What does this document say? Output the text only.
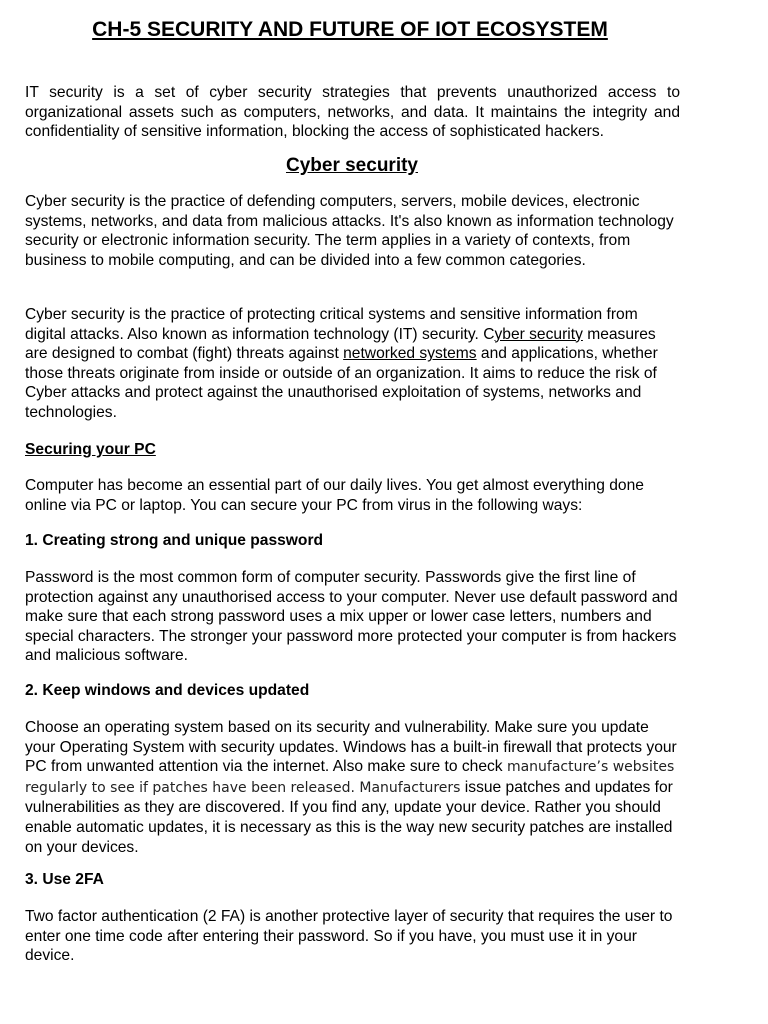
CH-5 SECURITY AND FUTURE OF IOT ECOSYSTEM

IT security is a set of cyber security strategies that prevents unauthorized access to organizational assets such as computers, networks, and data. It maintains the integrity and confidentiality of sensitive information, blocking the access of sophisticated hackers.

Cyber security

Cyber security is the practice of defending computers, servers, mobile devices, electronic systems, networks, and data from malicious attacks. It's also known as information technology security or electronic information security. The term applies in a variety of contexts, from business to mobile computing, and can be divided into a few common categories.

Cyber security is the practice of protecting critical systems and sensitive information from digital attacks. Also known as information technology (IT) security. Cyber security measures are designed to combat (fight) threats against networked systems and applications, whether those threats originate from inside or outside of an organization. It aims to reduce the risk of Cyber attacks and protect against the unauthorised exploitation of systems, networks and technologies.

Securing your PC

Computer has become an essential part of our daily lives. You get almost everything done online via PC or laptop. You can secure your PC from virus in the following ways:

1. Creating strong and unique password

Password is the most common form of computer security. Passwords give the first line of protection against any unauthorised access to your computer. Never use default password and make sure that each strong password uses a mix upper or lower case letters, numbers and special characters. The stronger your password more protected your computer is from hackers and malicious software.

2. Keep windows and devices updated

Choose an operating system based on its security and vulnerability. Make sure you update your Operating System with security updates. Windows has a built-in firewall that protects your PC from unwanted attention via the internet. Also make sure to check manufacture’s websites regularly to see if patches have been released. Manufacturers issue patches and updates for vulnerabilities as they are discovered. If you find any, update your device. Rather you should enable automatic updates, it is necessary as this is the way new security patches are installed on your devices.

3. Use 2FA

Two factor authentication (2 FA) is another protective layer of security that requires the user to enter one time code after entering their password. So if you have, you must use it in your device.
